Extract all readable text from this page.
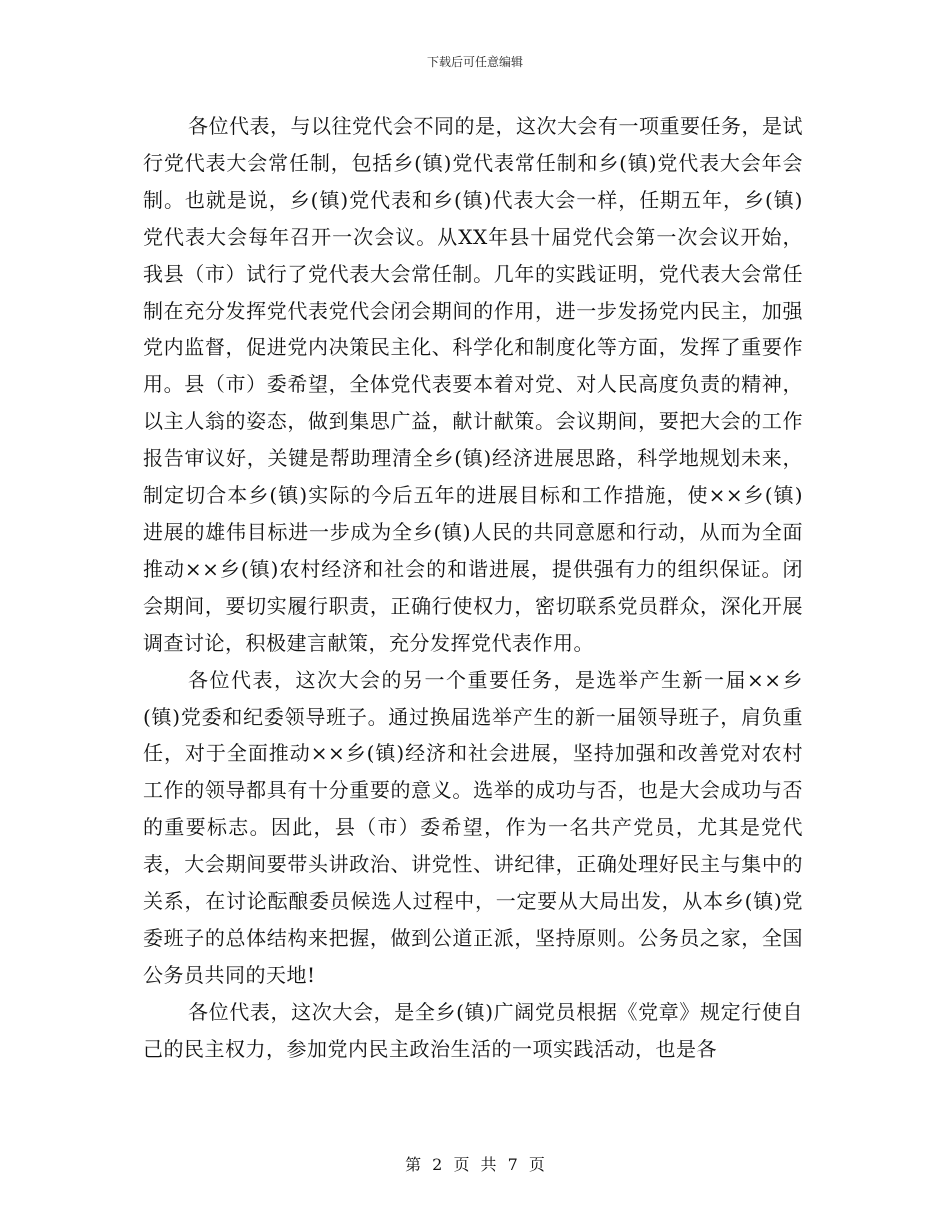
下载后可任意编辑

各位代表，与以往党代会不同的是，这次大会有一项重要任务，是试行党代表大会常任制，包括乡(镇)党代表常任制和乡(镇)党代表大会年会制。也就是说，乡(镇)党代表和乡(镇)代表大会一样，任期五年，乡(镇)党代表大会每年召开一次会议。从XX年县十届党代会第一次会议开始，我县（市）试行了党代表大会常任制。几年的实践证明，党代表大会常任制在充分发挥党代表党代会闭会期间的作用，进一步发扬党内民主，加强党内监督，促进党内决策民主化、科学化和制度化等方面，发挥了重要作用。县（市）委希望，全体党代表要本着对党、对人民高度负责的精神，以主人翁的姿态，做到集思广益，献计献策。会议期间，要把大会的工作报告审议好，关键是帮助理清全乡(镇)经济进展思路，科学地规划未来，制定切合本乡(镇)实际的今后五年的进展目标和工作措施，使××乡(镇)进展的雄伟目标进一步成为全乡(镇)人民的共同意愿和行动，从而为全面推动××乡(镇)农村经济和社会的和谐进展，提供强有力的组织保证。闭会期间，要切实履行职责，正确行使权力，密切联系党员群众，深化开展调查讨论，积极建言献策，充分发挥党代表作用。

各位代表，这次大会的另一个重要任务，是选举产生新一届××乡(镇)党委和纪委领导班子。通过换届选举产生的新一届领导班子，肩负重任，对于全面推动××乡(镇)经济和社会进展，坚持加强和改善党对农村工作的领导都具有十分重要的意义。选举的成功与否，也是大会成功与否的重要标志。因此，县（市）委希望，作为一名共产党员，尤其是党代表，大会期间要带头讲政治、讲党性、讲纪律，正确处理好民主与集中的关系，在讨论酝酿委员候选人过程中，一定要从大局出发，从本乡(镇)党委班子的总体结构来把握，做到公道正派，坚持原则。公务员之家，全国公务员共同的天地!

各位代表，这次大会，是全乡(镇)广阔党员根据《党章》规定行使自己的民主权力，参加党内民主政治生活的一项实践活动，也是各

第 2 页 共 7 页
